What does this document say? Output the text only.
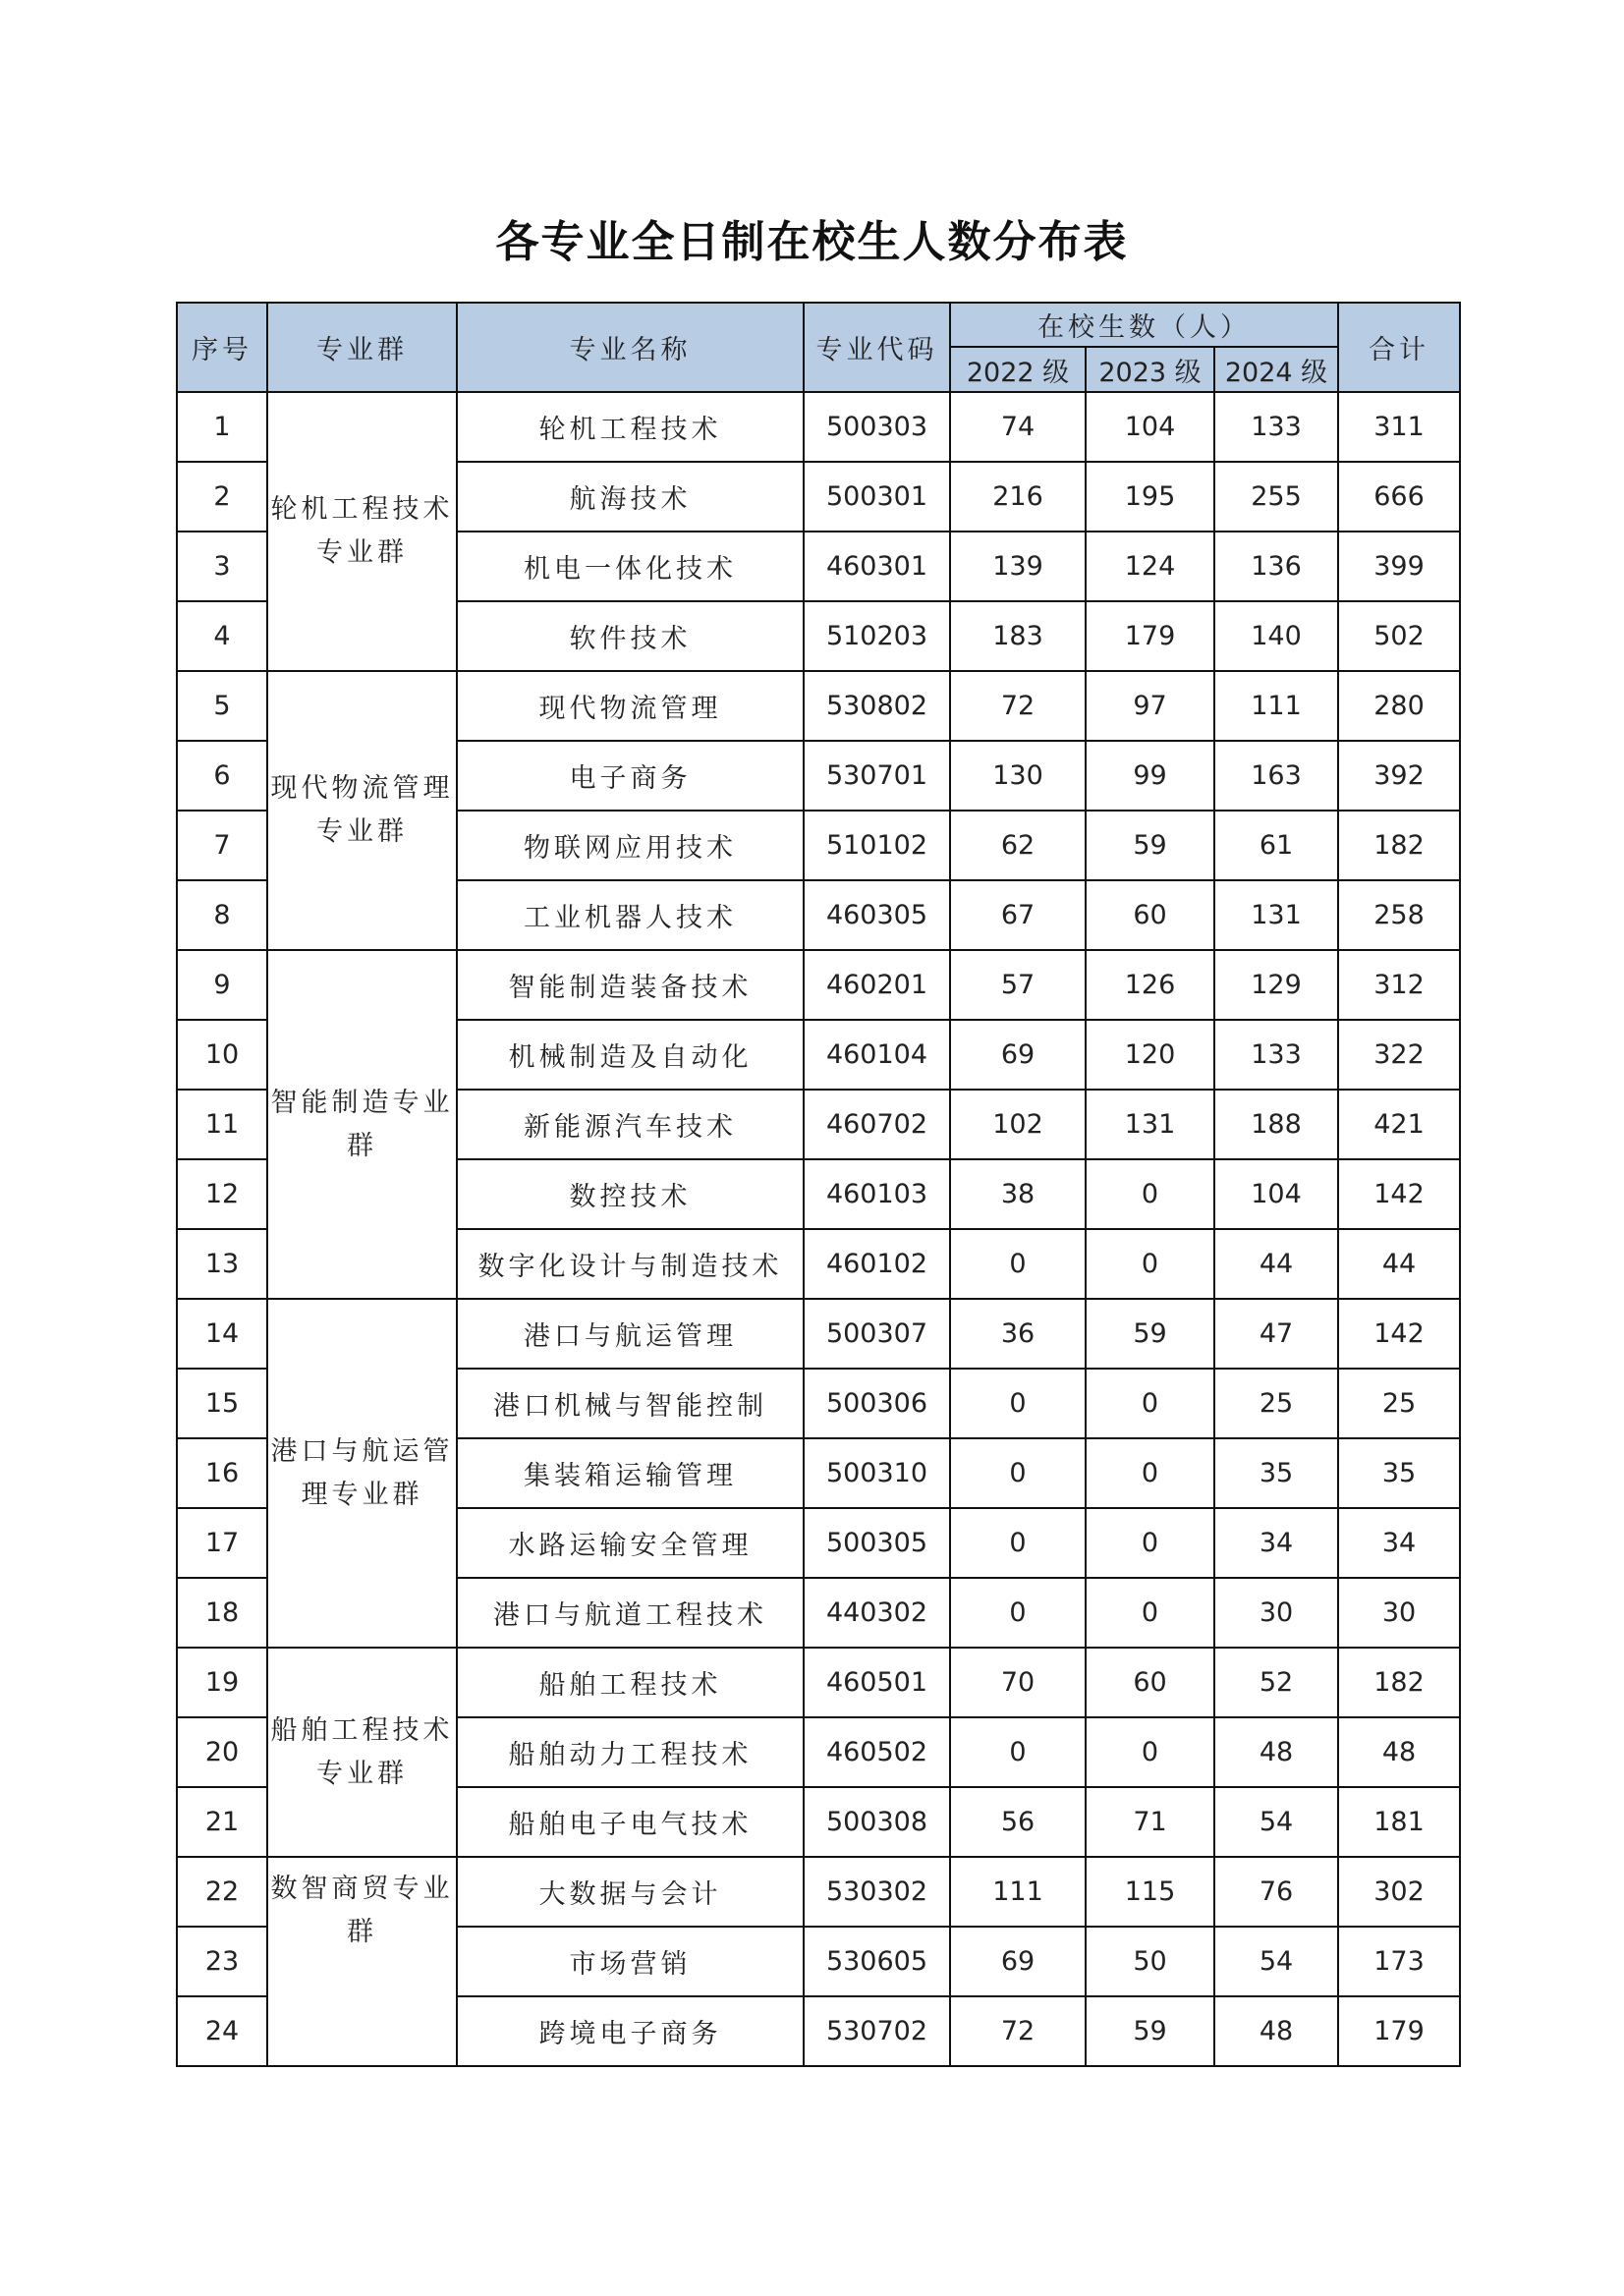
各专业全日制在校生人数分布表
序号	专业群	专业名称	专业代码	在校生数（人）			合计
				2022 级	2023 级	2024 级	
1	轮机工程技术专业群	轮机工程技术	500303	74	104	133	311
2		航海技术	500301	216	195	255	666
3		机电一体化技术	460301	139	124	136	399
4		软件技术	510203	183	179	140	502
5	现代物流管理专业群	现代物流管理	530802	72	97	111	280
6		电子商务	530701	130	99	163	392
7		物联网应用技术	510102	62	59	61	182
8		工业机器人技术	460305	67	60	131	258
9	智能制造专业群	智能制造装备技术	460201	57	126	129	312
10		机械制造及自动化	460104	69	120	133	322
11		新能源汽车技术	460702	102	131	188	421
12		数控技术	460103	38	0	104	142
13		数字化设计与制造技术	460102	0	0	44	44
14	港口与航运管理专业群	港口与航运管理	500307	36	59	47	142
15		港口机械与智能控制	500306	0	0	25	25
16		集装箱运输管理	500310	0	0	35	35
17		水路运输安全管理	500305	0	0	34	34
18		港口与航道工程技术	440302	0	0	30	30
19	船舶工程技术专业群	船舶工程技术	460501	70	60	52	182
20		船舶动力工程技术	460502	0	0	48	48
21		船舶电子电气技术	500308	56	71	54	181
22	数智商贸专业群	大数据与会计	530302	111	115	76	302
23		市场营销	530605	69	50	54	173
24		跨境电子商务	530702	72	59	48	179
